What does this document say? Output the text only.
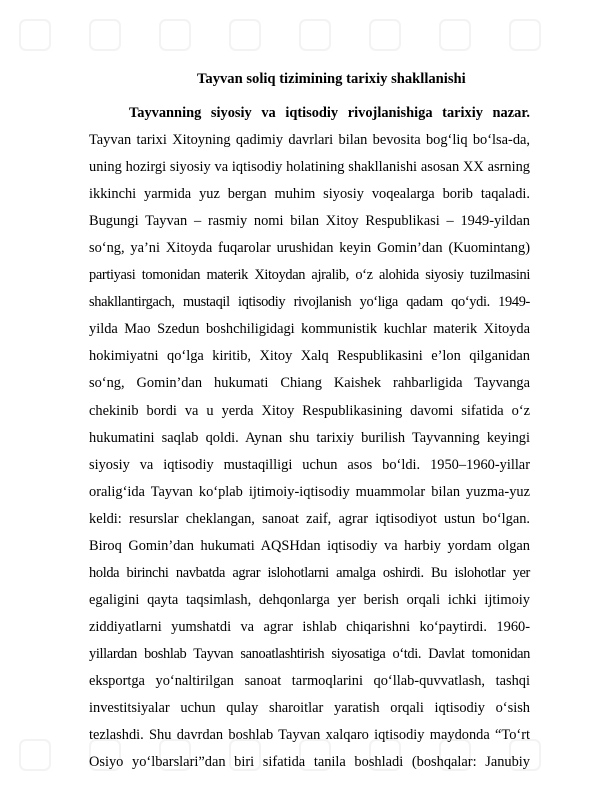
Tayvan soliq tizimining tarixiy shakllanishi
Tayvanning siyosiy va iqtisodiy rivojlanishiga tarixiy nazar.
Tayvan tarixi Xitoyning qadimiy davrlari bilan bevosita bog‘liq bo‘lsa-da,
uning hozirgi siyosiy va iqtisodiy holatining shakllanishi asosan XX asrning
ikkinchi yarmida yuz bergan muhim siyosiy voqealarga borib taqaladi.
Bugungi Tayvan – rasmiy nomi bilan Xitoy Respublikasi – 1949-yildan
so‘ng, ya’ni Xitoyda fuqarolar urushidan keyin Gomin’dan (Kuomintang)
partiyasi tomonidan materik Xitoydan ajralib, o‘z alohida siyosiy tuzilmasini
shakllantirgach, mustaqil iqtisodiy rivojlanish yo‘liga qadam qo‘ydi. 1949-
yilda Mao Szedun boshchiligidagi kommunistik kuchlar materik Xitoyda
hokimiyatni qo‘lga kiritib, Xitoy Xalq Respublikasini e’lon qilganidan
so‘ng, Gomin’dan hukumati Chiang Kaishek rahbarligida Tayvanga
chekinib bordi va u yerda Xitoy Respublikasining davomi sifatida o‘z
hukumatini saqlab qoldi. Aynan shu tarixiy burilish Tayvanning keyingi
siyosiy va iqtisodiy mustaqilligi uchun asos bo‘ldi. 1950–1960-yillar
oralig‘ida Tayvan ko‘plab ijtimoiy-iqtisodiy muammolar bilan yuzma-yuz
keldi: resurslar cheklangan, sanoat zaif, agrar iqtisodiyot ustun bo‘lgan.
Biroq Gomin’dan hukumati AQSHdan iqtisodiy va harbiy yordam olgan
holda birinchi navbatda agrar islohotlarni amalga oshirdi. Bu islohotlar yer
egaligini qayta taqsimlash, dehqonlarga yer berish orqali ichki ijtimoiy
ziddiyatlarni yumshatdi va agrar ishlab chiqarishni ko‘paytirdi. 1960-
yillardan boshlab Tayvan sanoatlashtirish siyosatiga o‘tdi. Davlat tomonidan
eksportga yo‘naltirilgan sanoat tarmoqlarini qo‘llab-quvvatlash, tashqi
investitsiyalar uchun qulay sharoitlar yaratish orqali iqtisodiy o‘sish
tezlashdi. Shu davrdan boshlab Tayvan xalqaro iqtisodiy maydonda “To‘rt
Osiyo yo‘lbarslari”dan biri sifatida tanila boshladi (boshqalar: Janubiy
